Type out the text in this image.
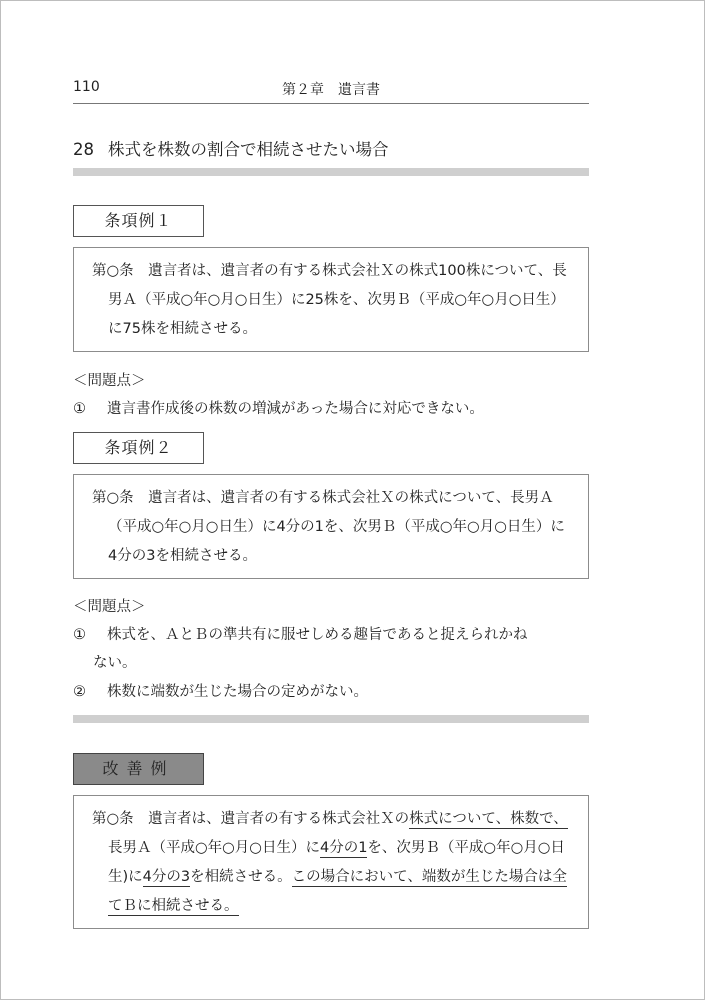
110	第２章　遺言書
28 株式を株数の割合で相続させたい場合
条項例１

第○条　遺言者は、遺言者の有する株式会社Ｘの株式100株について、長男Ａ（平成○年○月○日生）に25株を、次男Ｂ（平成○年○月○日生）に75株を相続させる。

＜問題点＞
① 遺言書作成後の株数の増減があった場合に対応できない。
条項例２

第○条　遺言者は、遺言者の有する株式会社Ｘの株式について、長男Ａ（平成○年○月○日生）に4分の1を、次男Ｂ（平成○年○月○日生）に4分の3を相続させる。

＜問題点＞
① 株式を、ＡとＢの準共有に服せしめる趣旨であると捉えられかね
ない。
② 株数に端数が生じた場合の定めがない。
改善例

第○条　遺言者は、遺言者の有する株式会社Ｘの株式について、株数で、長男Ａ（平成○年○月○日生）に4分の1を、次男Ｂ（平成○年○月○日生)に4分の3を相続させる。この場合において、端数が生じた場合は全てＢに相続させる。
